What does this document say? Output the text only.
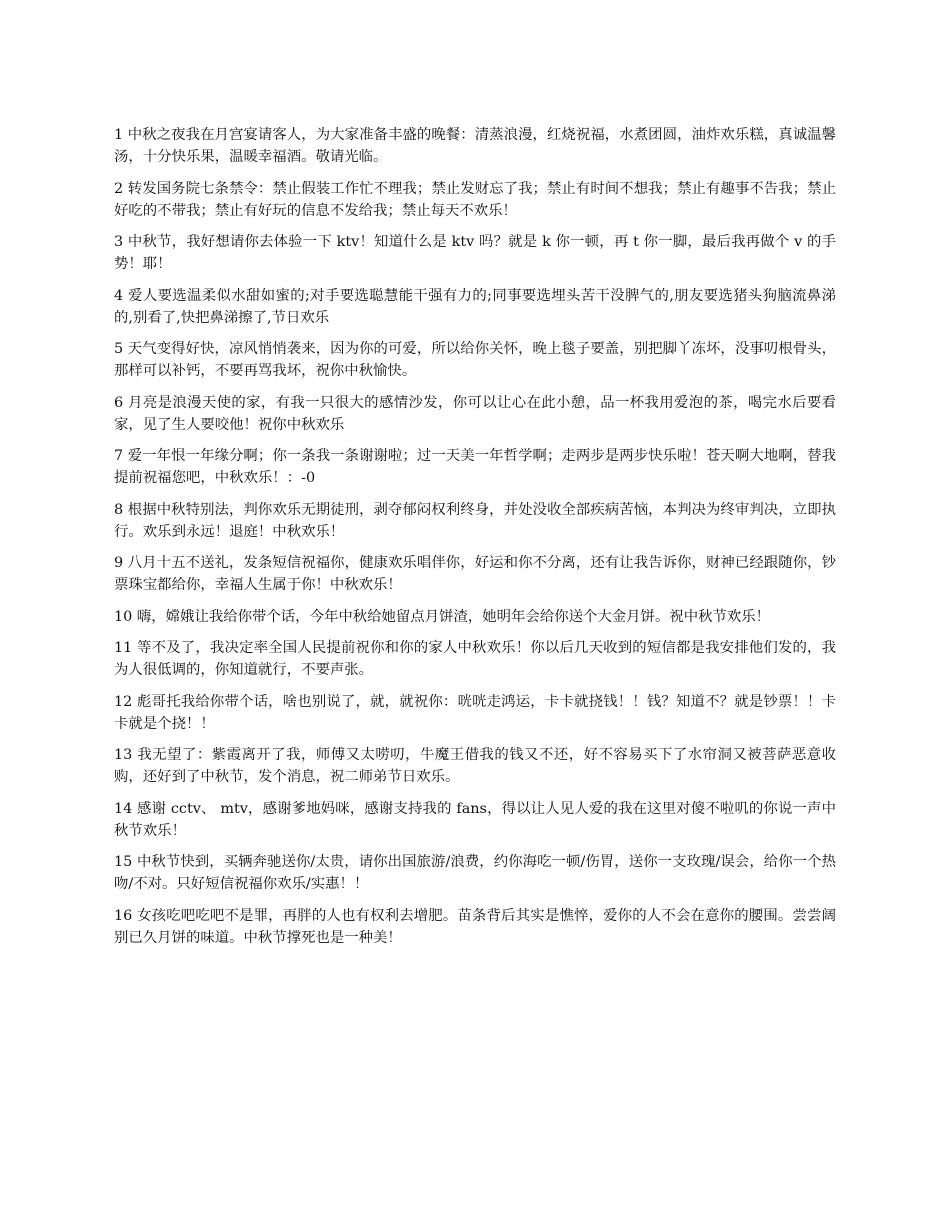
1 中秋之夜我在月宫宴请客人，为大家准备丰盛的晚餐：清蒸浪漫，红烧祝福，水煮团圆，油炸欢乐糕，真诚温馨汤，十分快乐果，温暖幸福酒。敬请光临。

2 转发国务院七条禁令：禁止假装工作忙不理我；禁止发财忘了我；禁止有时间不想我；禁止有趣事不告我；禁止好吃的不带我；禁止有好玩的信息不发给我；禁止每天不欢乐！

3 中秋节，我好想请你去体验一下 ktv！知道什么是 ktv 吗？就是 k 你一顿，再 t 你一脚，最后我再做个 v 的手势！耶！

4 爱人要选温柔似水甜如蜜的;对手要选聪慧能干强有力的;同事要选埋头苦干没脾气的,朋友要选猪头狗脑流鼻涕的,别看了,快把鼻涕擦了,节日欢乐

5 天气变得好快，凉风悄悄袭来，因为你的可爱，所以给你关怀，晚上毯子要盖，别把脚丫冻坏，没事叨根骨头，那样可以补钙，不要再骂我坏，祝你中秋愉快。

6 月亮是浪漫天使的家，有我一只很大的感情沙发，你可以让心在此小憩，品一杯我用爱泡的茶，喝完水后要看家，见了生人要咬他！祝你中秋欢乐

7 爱一年恨一年缘分啊；你一条我一条谢谢啦；过一天美一年哲学啊；走两步是两步快乐啦！苍天啊大地啊，替我提前祝福您吧，中秋欢乐！：-0

8 根据中秋特别法，判你欢乐无期徒刑，剥夺郁闷权利终身，并处没收全部疾病苦恼，本判决为终审判决，立即执行。欢乐到永远！退庭！中秋欢乐！

9 八月十五不送礼，发条短信祝福你，健康欢乐唱伴你，好运和你不分离，还有让我告诉你，财神已经跟随你，钞票珠宝都给你，幸福人生属于你！中秋欢乐！

10 嗨，嫦娥让我给你带个话，今年中秋给她留点月饼渣，她明年会给你送个大金月饼。祝中秋节欢乐！

11 等不及了，我决定率全国人民提前祝你和你的家人中秋欢乐！你以后几天收到的短信都是我安排他们发的，我为人很低调的，你知道就行，不要声张。

12 彪哥托我给你带个话，啥也别说了，就，就祝你：咣咣走鸿运，卡卡就挠钱！！钱？知道不？就是钞票！！卡卡就是个挠！！

13 我无望了：紫霞离开了我，师傅又太唠叨，牛魔王借我的钱又不还，好不容易买下了水帘洞又被菩萨恶意收购，还好到了中秋节，发个消息，祝二师弟节日欢乐。

14 感谢 cctv、 mtv，感谢爹地妈咪，感谢支持我的 fans，得以让人见人爱的我在这里对傻不啦叽的你说一声中秋节欢乐！

15 中秋节快到，买辆奔驰送你/太贵，请你出国旅游/浪费，约你海吃一顿/伤胃，送你一支玫瑰/误会，给你一个热吻/不对。只好短信祝福你欢乐/实惠！！

16 女孩吃吧吃吧不是罪，再胖的人也有权利去增肥。苗条背后其实是憔悴，爱你的人不会在意你的腰围。尝尝阔别已久月饼的味道。中秋节撑死也是一种美！
